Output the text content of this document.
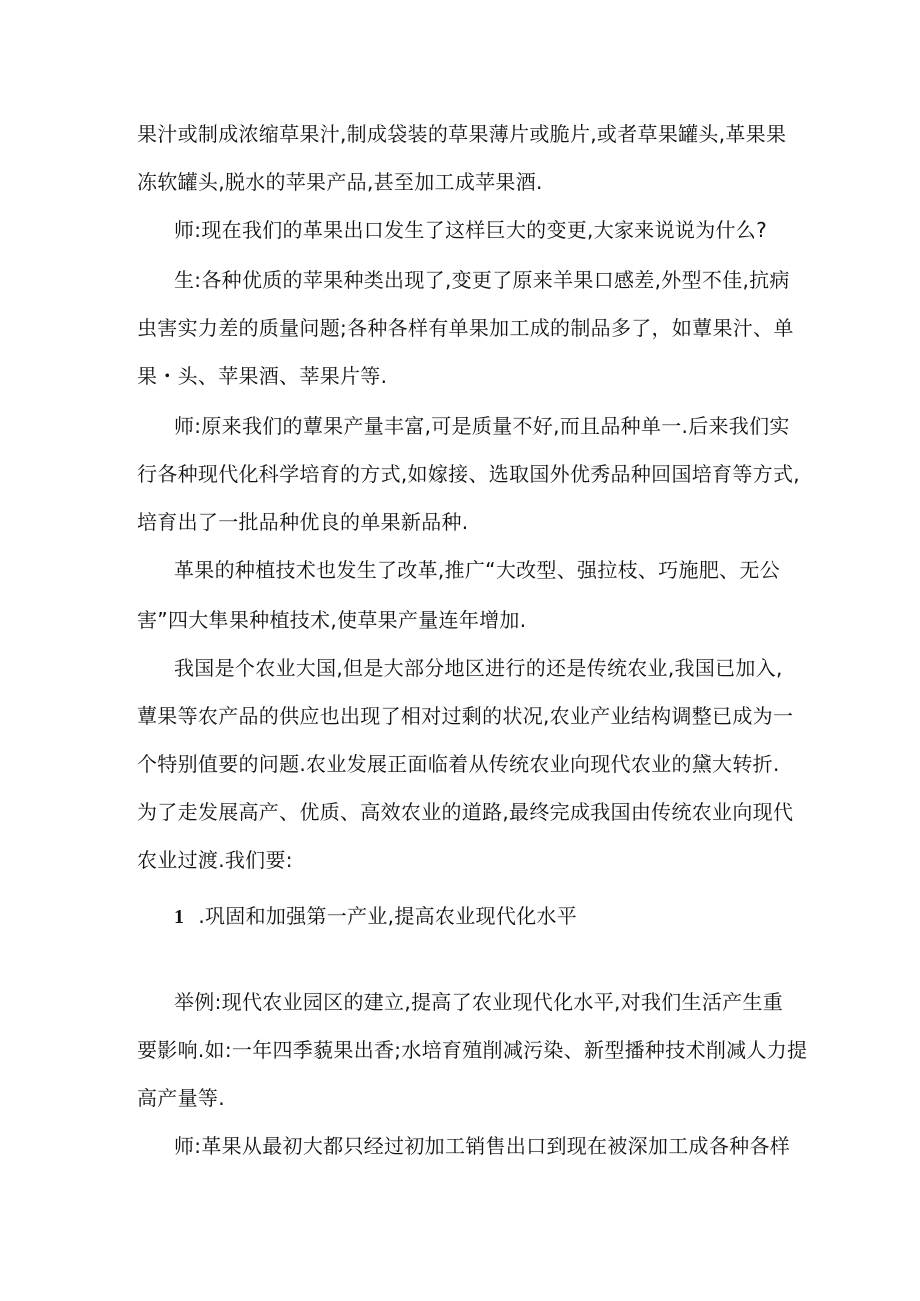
果汁或制成浓缩草果汁,制成袋装的草果薄片或脆片,或者草果罐头,革果果
冻软罐头,脱水的苹果产品,甚至加工成苹果酒.
师:现在我们的革果出口发生了这样巨大的变更,大家来说说为什么?
生:各种优质的苹果种类出现了,变更了原来羊果口感差,外型不佳,抗病
虫害实力差的质量问题;各种各样有单果加工成的制品多了，如蕈果汁、单
果・头、苹果酒、莘果片等.
师:原来我们的蕈果产量丰富,可是质量不好,而且品种单一.后来我们实
行各种现代化科学培育的方式,如嫁接、选取国外优秀品种回国培育等方式,
培育出了一批品种优良的单果新品种.
革果的种植技术也发生了改革,推广“大改型、强拉枝、巧施肥、无公
害”四大隼果种植技术,使草果产量连年增加.
我国是个农业大国,但是大部分地区进行的还是传统农业,我国已加入,
蕈果等农产品的供应也出现了相对过剩的状况,农业产业结构调整已成为一
个特别值要的问题.农业发展正面临着从传统农业向现代农业的黛大转折.
为了走发展高产、优质、高效农业的道路,最终完成我国由传统农业向现代
农业过渡.我们要:
1 .巩固和加强第一产业,提高农业现代化水平
举例:现代农业园区的建立,提高了农业现代化水平,对我们生活产生重
要影响.如:一年四季藐果出香;水培育殖削减污染、新型播种技术削减人力提
高产量等.
师:革果从最初大都只经过初加工销售出口到现在被深加工成各种各样
